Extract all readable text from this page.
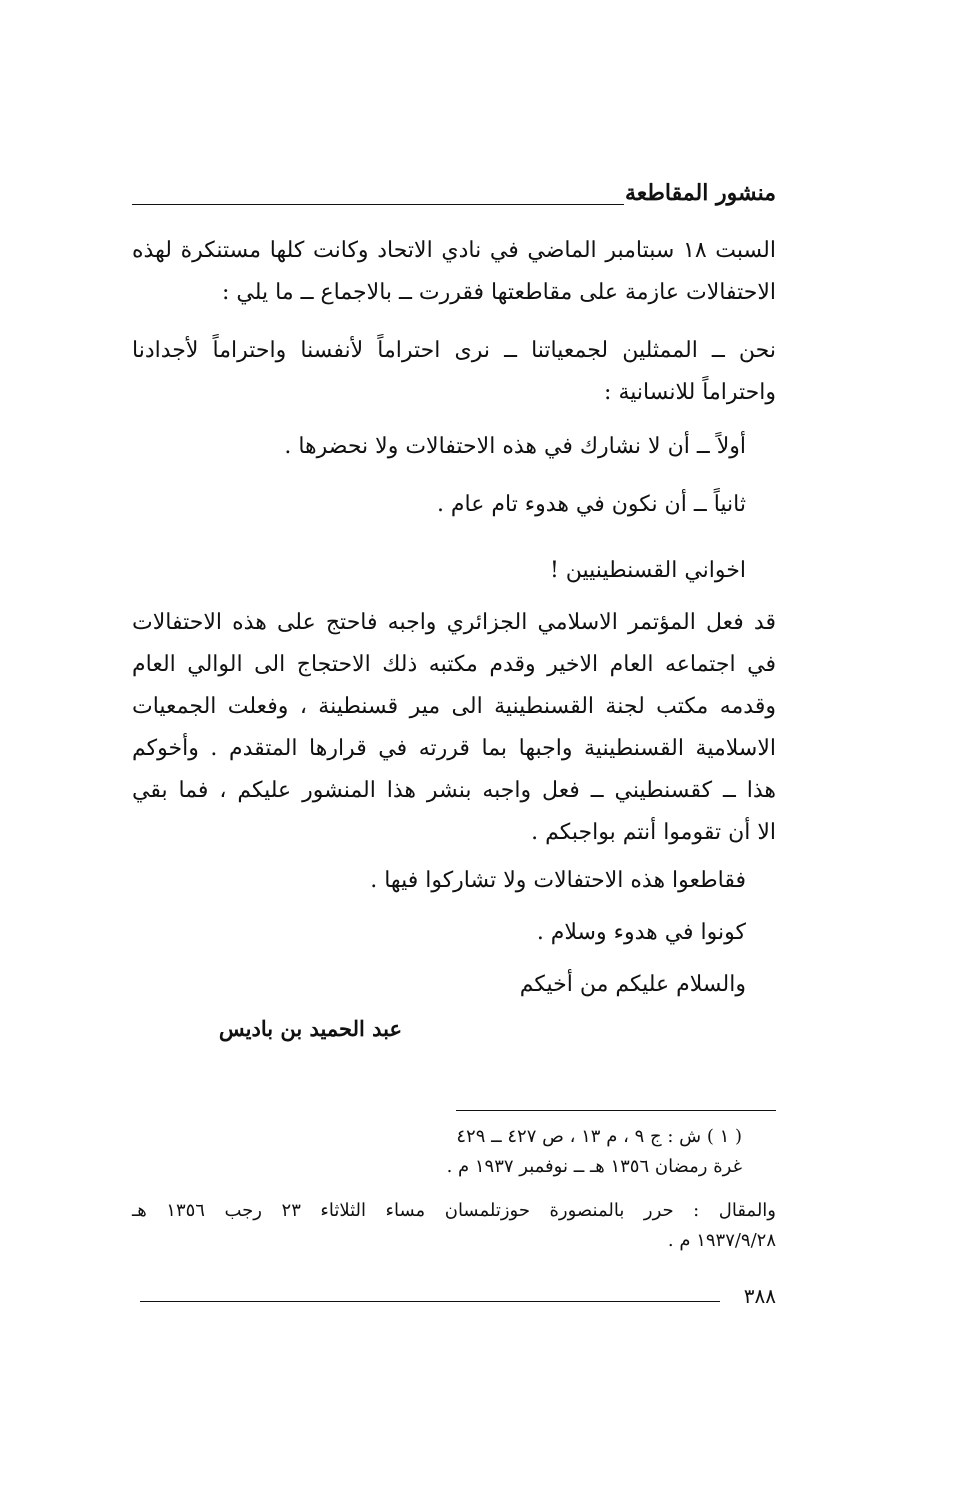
منشور المقاطعة
السبت ١٨ سبتامبر الماضي في نادي الاتحاد وكانت كلها مستنكرة لهذه
الاحتفالات عازمة على مقاطعتها فقررت ــ بالاجماع ــ ما يلي :
نحن ــ الممثلين لجمعياتنا ــ نرى احتراماً لأنفسنا واحتراماً لأجدادنا
واحتراماً للانسانية :
أولاً ــ أن لا نشارك في هذه الاحتفالات ولا نحضرها .
ثانياً ــ أن نكون في هدوء تام عام .
اخواني القسنطينيين !
قد فعل المؤتمر الاسلامي الجزائري واجبه فاحتج على هذه الاحتفالات
في اجتماعه العام الاخير وقدم مكتبه ذلك الاحتجاج الى الوالي العام
وقدمه مكتب لجنة القسنطينية الى مير قسنطينة ، وفعلت الجمعيات
الاسلامية القسنطينية واجبها بما قررته في قرارها المتقدم . وأخوكم
هذا ــ كقسنطيني ــ فعل واجبه بنشر هذا المنشور عليكم ، فما بقي
الا أن تقوموا أنتم بواجبكم .
فقاطعوا هذه الاحتفالات ولا تشاركوا فيها .
كونوا في هدوء وسلام .
والسلام عليكم من أخيكم
عبد الحميد بن باديس
( ١ ) ش : ج ٩ ، م ١٣ ، ص ٤٢٧ ــ ٤٢٩
غرة رمضان ١٣٥٦ هـ ــ نوفمبر ١٩٣٧ م .
والمقال : حرر بالمنصورة حوزتلمسان مساء الثلاثاء ٢٣ رجب ١٣٥٦ هـ
١٩٣٧/٩/٢٨ م .
٣٨٨
